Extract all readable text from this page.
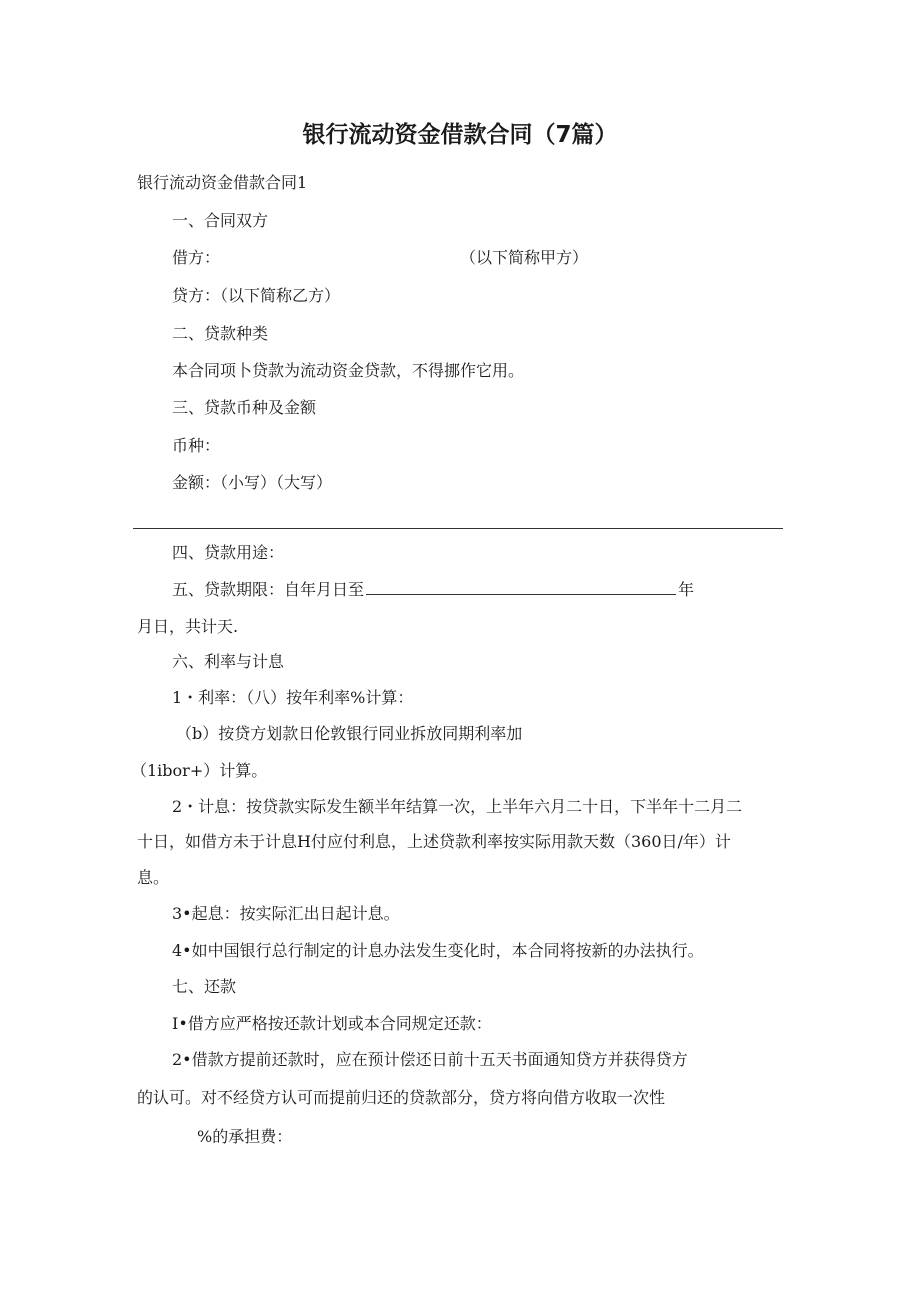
银行流动资金借款合同（7篇）
银行流动资金借款合同1
一、合同双方
借方：	（以下简称甲方）
贷方：（以下简称乙方）
二、贷款种类
本合同项卜贷款为流动资金贷款，不得挪作它用。
三、贷款币种及金额
币种：
金额：（小写）（大写）
四、贷款用途：
五、贷款期限：自年月日至	年
月日，共计天.
六、利率与计息
1・利率：（八）按年利率%计算：
（b）按贷方划款日伦敦银行同业拆放同期利率加
（1ibor+）计算。
2・计息：按贷款实际发生额半年结算一次，上半年六月二十日，下半年十二月二
十日，如借方未于计息H付应付利息，上述贷款利率按实际用款天数（360日/年）计
息。
3•起息：按实际汇出日起计息。
4•如中国银行总行制定的计息办法发生变化时，本合同将按新的办法执行。
七、还款
I•借方应严格按还款计划或本合同规定还款：
2•借款方提前还款时，应在预计偿还日前十五天书面通知贷方并获得贷方
的认可。对不经贷方认可而提前归还的贷款部分，贷方将向借方收取一次性
%的承担费：
